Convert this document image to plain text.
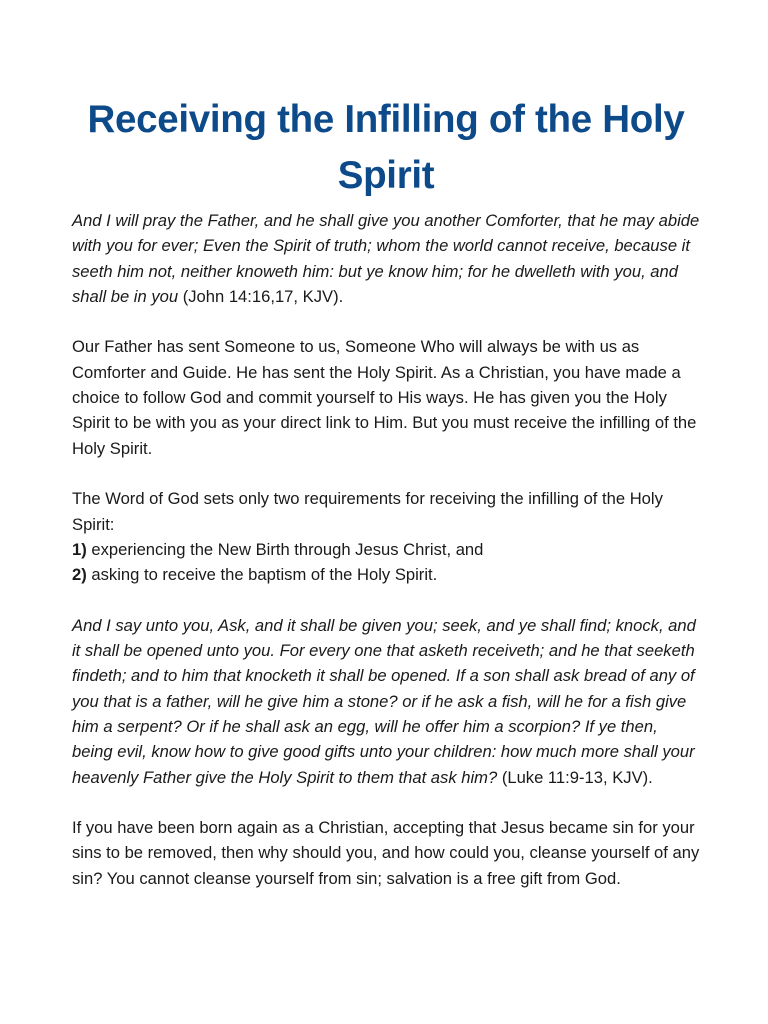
Receiving the Infilling of the Holy Spirit

And I will pray the Father, and he shall give you another Comforter, that he may abide with you for ever; Even the Spirit of truth; whom the world cannot receive, because it seeth him not, neither knoweth him: but ye know him; for he dwelleth with you, and shall be in you (John 14:16,17, KJV).

Our Father has sent Someone to us, Someone Who will always be with us as Comforter and Guide. He has sent the Holy Spirit. As a Christian, you have made a choice to follow God and commit yourself to His ways. He has given you the Holy Spirit to be with you as your direct link to Him. But you must receive the infilling of the Holy Spirit.

The Word of God sets only two requirements for receiving the infilling of the Holy Spirit:
1) experiencing the New Birth through Jesus Christ, and
2) asking to receive the baptism of the Holy Spirit.

And I say unto you, Ask, and it shall be given you; seek, and ye shall find; knock, and it shall be opened unto you. For every one that asketh receiveth; and he that seeketh findeth; and to him that knocketh it shall be opened. If a son shall ask bread of any of you that is a father, will he give him a stone? or if he ask a fish, will he for a fish give him a serpent? Or if he shall ask an egg, will he offer him a scorpion? If ye then, being evil, know how to give good gifts unto your children: how much more shall your heavenly Father give the Holy Spirit to them that ask him? (Luke 11:9-13, KJV).

If you have been born again as a Christian, accepting that Jesus became sin for your sins to be removed, then why should you, and how could you, cleanse yourself of any sin? You cannot cleanse yourself from sin; salvation is a free gift from God.
